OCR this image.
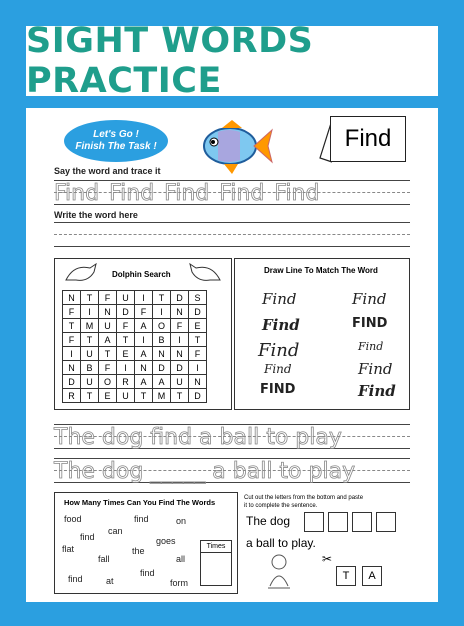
SIGHT WORDS PRACTICE
Let's Go !
Finish The Task !	Find
Say the word and trace it
Find Find Find Find Find
Write the word here
Dolphin Search
N	T	F	U	I	T	D	S
F	I	N	D	F	I	N	D
T	M	U	F	A	O	F	E
F	T	A	T	I	B	I	T
I	U	T	E	A	N	N	F
N	B	F	I	N	D	D	I
D	U	O	R	A	A	U	N
R	T	E	U	T	M	T	D
Draw Line To Match The Word
Find
Find
Find
Find
FIND
Find
FIND
Find
Find
Find
The dog find a ball to play
The dog _____ a ball to play
How Many Times Can You Find The Words
food
find
on
can
find
goes
flat
fall
the
all
find	at
find
form
Times
Cut out the letters from the bottom and paste
it to complete the sentence.
The dog
a ball to play.
✂
T	A
